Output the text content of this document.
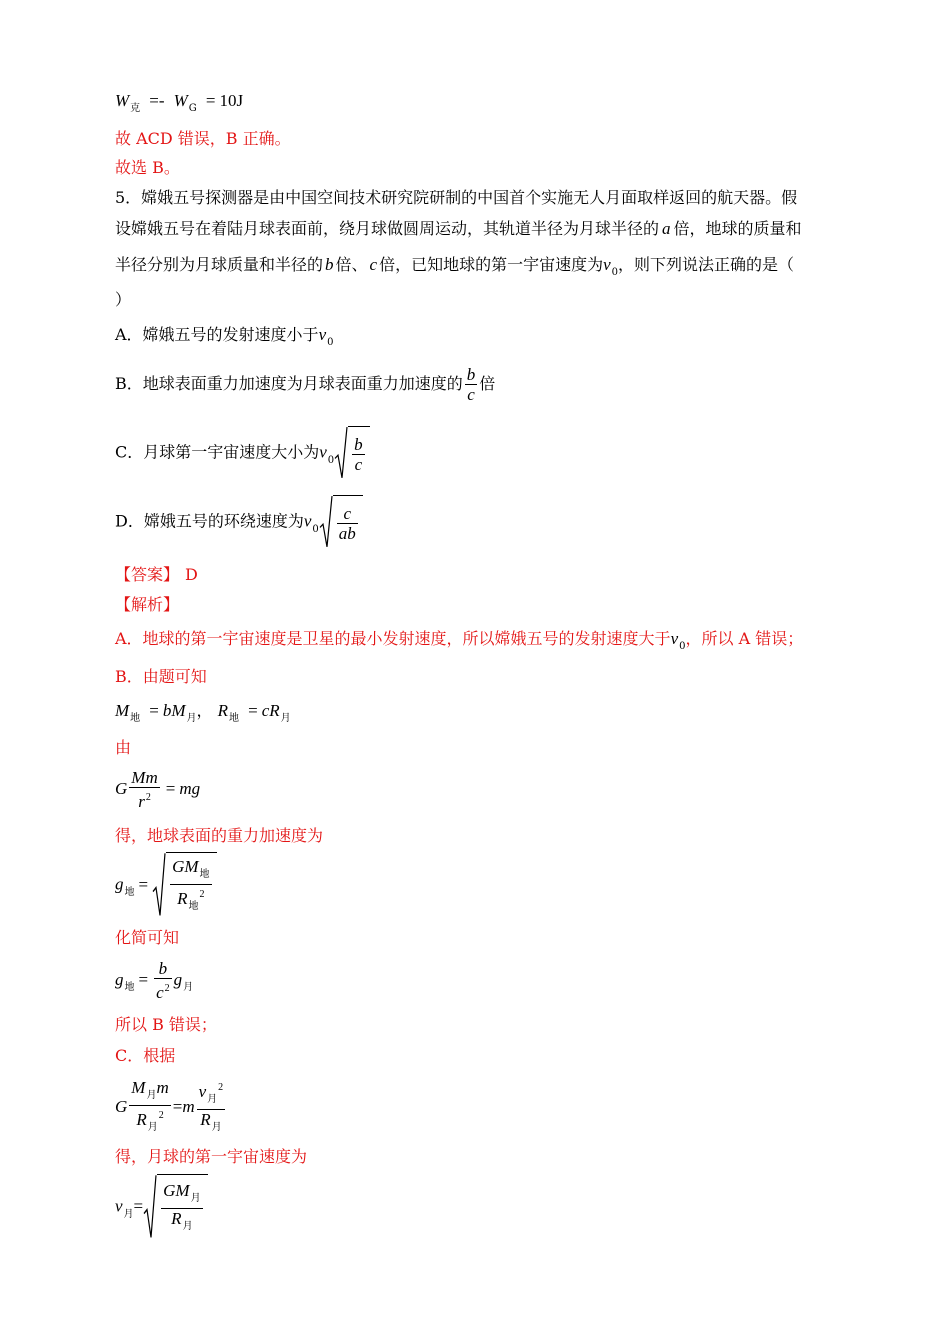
$W_克 =- W_G = 10J$
故 ACD 错误，B 正确。
故选 B。
5．嫦娥五号探测器是由中国空间技术研究院研制的中国首个实施无人月面取样返回的航天器。假
设嫦娥五号在着陆月球表面前，绕月球做圆周运动，其轨道半径为月球半径的 a 倍，地球的质量和
半径分别为月球质量和半径的 b 倍、 c 倍，已知地球的第一宇宙速度为$v_0$，则下列说法正确的是（
）
A．嫦娥五号的发射速度小于$v_0$
B．地球表面重力加速度为月球表面重力加速度的 $\frac{b}{c}$ 倍
C．月球第一宇宙速度大小为$v_0 \frac{b}{c}$
D．嫦娥五号的环绕速度为$v_0 \frac{c}{ab}$
【答案】 D
【解析】
A．地球的第一宇宙速度是卫星的最小发射速度，所以嫦娥五号的发射速度大于$v_0$，所以 A 错误；
B．由题可知
$M_地 = bM_月$， $R_地 = cR_月$
由
G $\frac{Mm}{r^2}$ = mg
得，地球表面的重力加速度为
$g_地 = \frac{GM_地}{R_地^2}$
化简可知
$g_地 = \frac{b}{c^2} g_月$
所以 B 错误；
C．根据
G $\frac{M_月m}{R_月^2} =m \frac{v_月^2}{R_月}$
得，月球的第一宇宙速度为
$v_月= \frac{GM_月}{R_月}$
